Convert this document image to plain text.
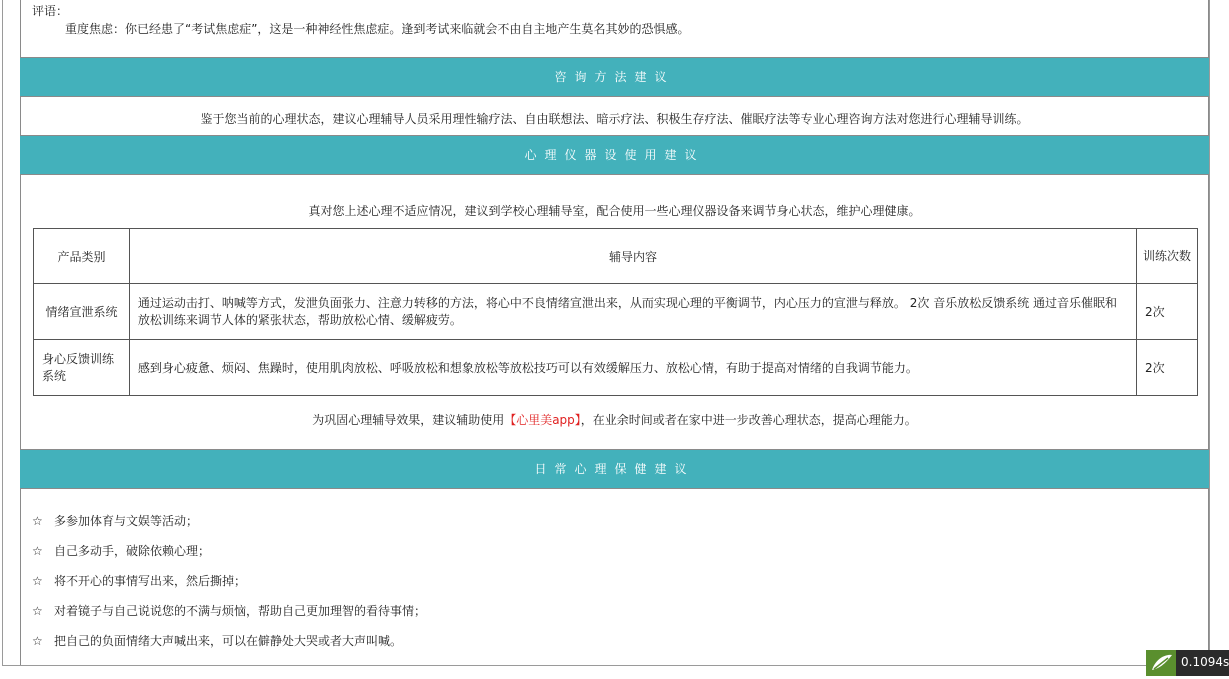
评语：
重度焦虑：你已经患了“考试焦虑症”，这是一种神经性焦虑症。逢到考试来临就会不由自主地产生莫名其妙的恐惧感。
咨询方法建议
鉴于您当前的心理状态，建议心理辅导人员采用理性输疗法、自由联想法、暗示疗法、积极生存疗法、催眠疗法等专业心理咨询方法对您进行心理辅导训练。
心理仪器设使用建议
真对您上述心理不适应情况，建议到学校心理辅导室，配合使用一些心理仪器设备来调节身心状态，维护心理健康。
产品类别	辅导内容	训练次数
情绪宣泄系统	通过运动击打、呐喊等方式，发泄负面张力、注意力转移的方法，将心中不良情绪宣泄出来，从而实现心理的平衡调节，内心压力的宣泄与释放。 2次 音乐放松反馈系统 通过音乐催眠和放松训练来调节人体的紧张状态，帮助放松心情、缓解疲劳。	2次
身心反馈训练系统	感到身心疲惫、烦闷、焦躁时，使用肌肉放松、呼吸放松和想象放松等放松技巧可以有效缓解压力、放松心情，有助于提高对情绪的自我调节能力。	2次
为巩固心理辅导效果，建议辅助使用【心里美app】，在业余时间或者在家中进一步改善心理状态，提高心理能力。
日常心理保健建议
☆ 多参加体育与文娱等活动；
☆ 自己多动手，破除依赖心理；
☆ 将不开心的事情写出来，然后撕掉；
☆ 对着镜子与自己说说您的不满与烦恼，帮助自己更加理智的看待事情；
☆ 把自己的负面情绪大声喊出来，可以在僻静处大哭或者大声叫喊。
0.1094s
